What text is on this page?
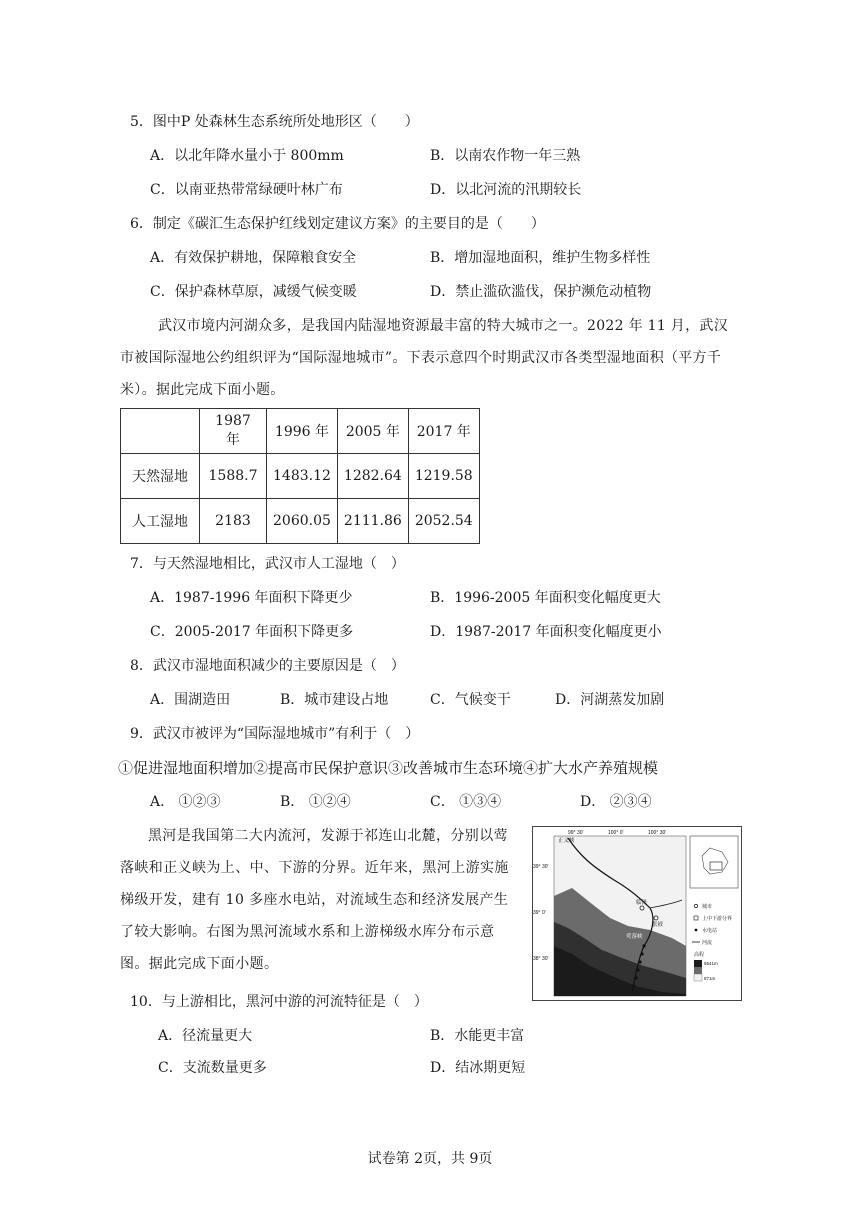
5．图中P 处森林生态系统所处地形区（　　）
A．以北年降水量小于 800mm	B．以南农作物一年三熟
C．以南亚热带常绿硬叶林广布	D．以北河流的汛期较长
6．制定《碳汇生态保护红线划定建议方案》的主要目的是（　　）
A．有效保护耕地，保障粮食安全	B．增加湿地面积，维护生物多样性
C．保护森林草原，减缓气候变暖	D．禁止滥砍滥伐，保护濒危动植物
武汉市境内河湖众多，是我国内陆湿地资源最丰富的特大城市之一。2022 年 11 月，武汉市被国际湿地公约组织评为“国际湿地城市”。下表示意四个时期武汉市各类型湿地面积（平方千米）。据此完成下面小题。
	1987 年	1996 年	2005 年	2017 年
天然湿地	1588.7	1483.12	1282.64	1219.58
人工湿地	2183	2060.05	2111.86	2052.54
7．与天然湿地相比，武汉市人工湿地（　）
A．1987-1996 年面积下降更少	B．1996-2005 年面积变化幅度更大
C．2005-2017 年面积下降更多	D．1987-2017 年面积变化幅度更小
8．武汉市湿地面积减少的主要原因是（　）
A．围湖造田	B．城市建设占地	C．气候变干	D．河湖蒸发加剧
9．武汉市被评为“国际湿地城市”有利于（　）
①促进湿地面积增加②提高市民保护意识③改善城市生态环境④扩大水产养殖规模
A． ①②③	B． ①②④	C． ①③④	D． ②③④
黑河是我国第二大内流河，发源于祁连山北麓，分别以莺落峡和正义峡为上、中、下游的分界。近年来，黑河上游实施梯级开发，建有 10 多座水电站，对流域生态和经济发展产生了较大影响。右图为黑河流域水系和上游梯级水库分布示意图。据此完成下面小题。
99° 30′	100° 0′	100° 30′
39° 30′
39° 0′
38° 30′
正义峡
临泽
张掖
莺落峡
城市
上中下游分界
水电站
河流
高程
5541m
871m
10．与上游相比，黑河中游的河流特征是（　）
A．径流量更大	B．水能更丰富
C．支流数量更多	D．结冰期更短
试卷第 2页，共 9页
